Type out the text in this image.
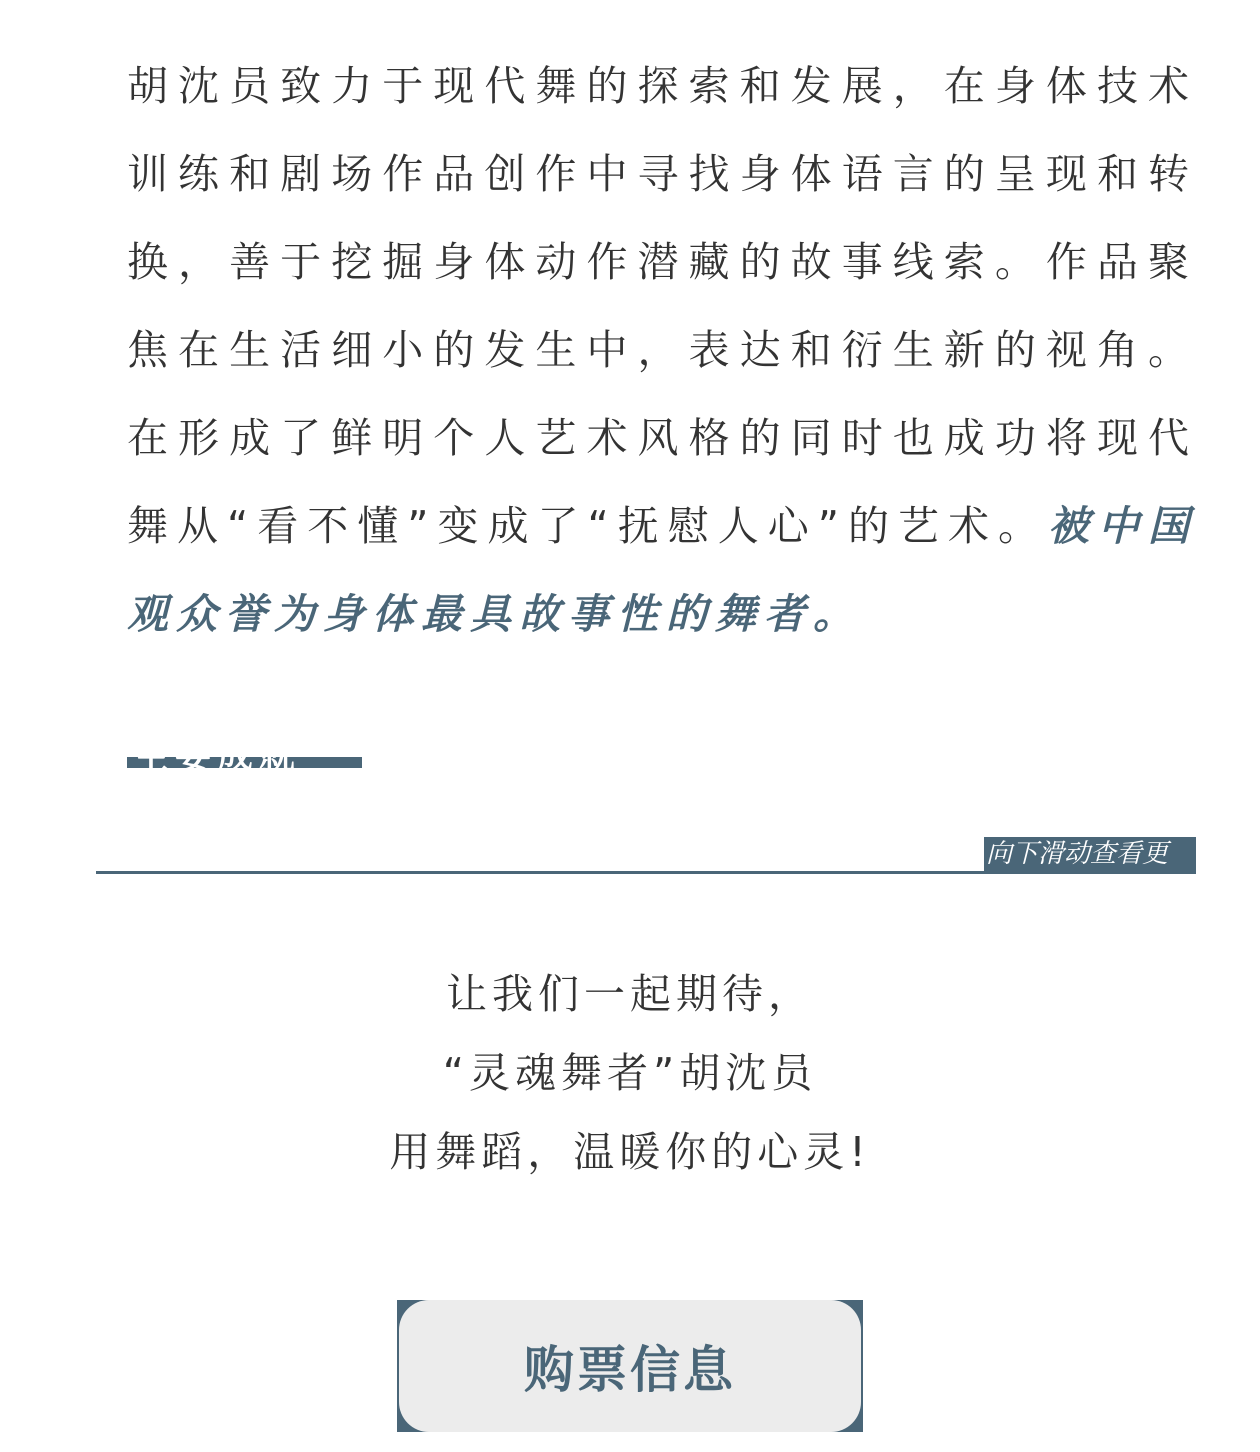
胡沈员致力于现代舞的探索和发展，在身体技术训练和剧场作品创作中寻找身体语言的呈现和转换，善于挖掘身体动作潜藏的故事线索。作品聚焦在生活细小的发生中，表达和衍生新的视角。在形成了鲜明个人艺术风格的同时也成功将现代舞从“看不懂”变成了“抚慰人心”的艺术。被中国观众誉为身体最具故事性的舞者。
主要成就
向下滑动查看更
让我们一起期待，
“灵魂舞者”胡沈员
用舞蹈，温暖你的心灵!
购票信息
